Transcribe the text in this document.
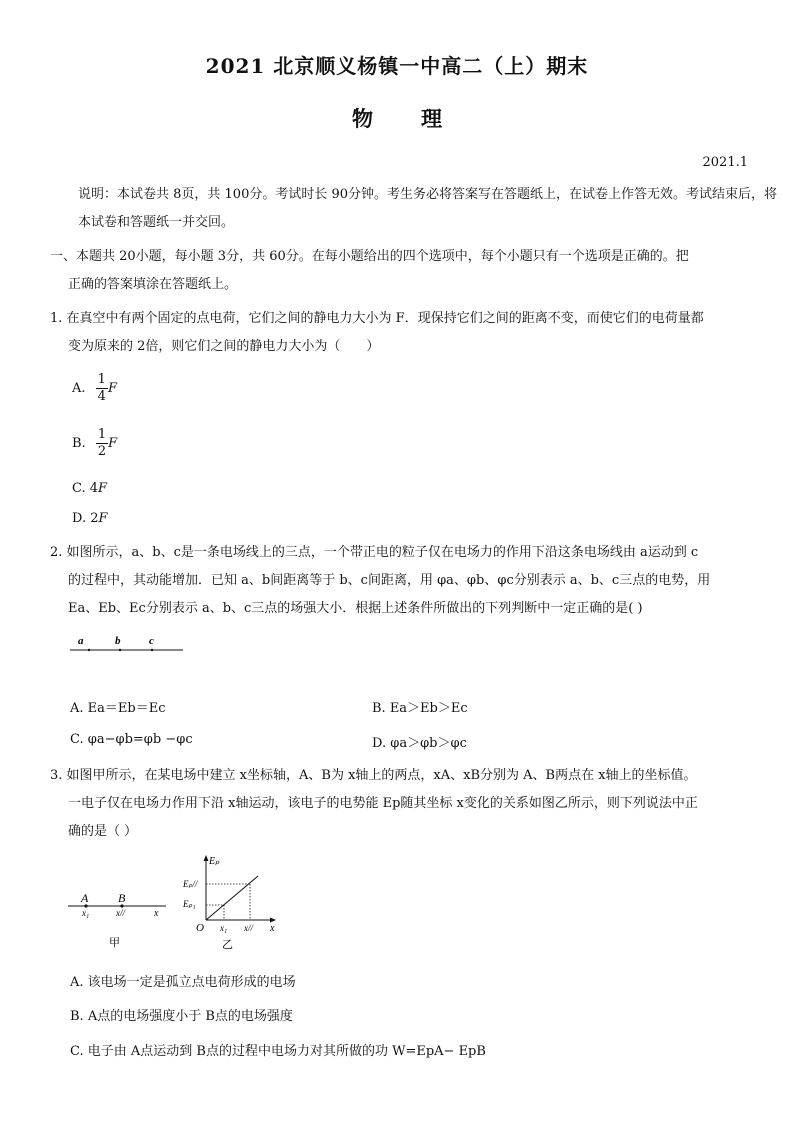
2021 北京顺义杨镇一中高二（上）期末
物 理
2021.1
说明：本试卷共 8页，共 100分。考试时长 90分钟。考生务必将答案写在答题纸上，在试卷上作答无效。考试结束后，将本试卷和答题纸一并交回。
一、本题共 20小题，每小题 3分，共 60分。在每小题给出的四个选项中，每个小题只有一个选项是正确的。把
正确的答案填涂在答题纸上。
1. 在真空中有两个固定的点电荷，它们之间的静电力大小为 F．现保持它们之间的距离不变，而使它们的电荷量都
变为原来的 2倍，则它们之间的静电力大小为（　　）
A. $\frac{1}{4}$ F
B. $\frac{1}{2}$ F
C. 4F
D. 2F
2. 如图所示，a、b、c是一条电场线上的三点，一个带正电的粒子仅在电场力的作用下沿这条电场线由 a运动到 c
的过程中，其动能增加．已知 a、b间距离等于 b、c间距离，用 φa、φb、φc分别表示 a、b、c三点的电势，用
Ea、Eb、Ec分别表示 a、b、c三点的场强大小．根据上述条件所做出的下列判断中一定正确的是( )
a	b	c
A. Ea＝Eb＝Ec	B. Ea＞Eb＞Ec
C. φa−φb=φb −φc	D. φa＞φb＞φc
3. 如图甲所示，在某电场中建立 x坐标轴，A、B为 x轴上的两点，xA、xB分别为 A、B两点在 x轴上的坐标值。
一电子仅在电场力作用下沿 x轴运动，该电子的电势能 Ep随其坐标 x变化的关系如图乙所示，则下列说法中正
确的是（ ）
A B
x₁	x//	x
甲
Eₚ
Eₚ//
Eₚ₁
O x₁ x// x
乙
A. 该电场一定是孤立点电荷形成的电场
B. A点的电场强度小于 B点的电场强度
C. 电子由 A点运动到 B点的过程中电场力对其所做的功 W=EpA− EpB
